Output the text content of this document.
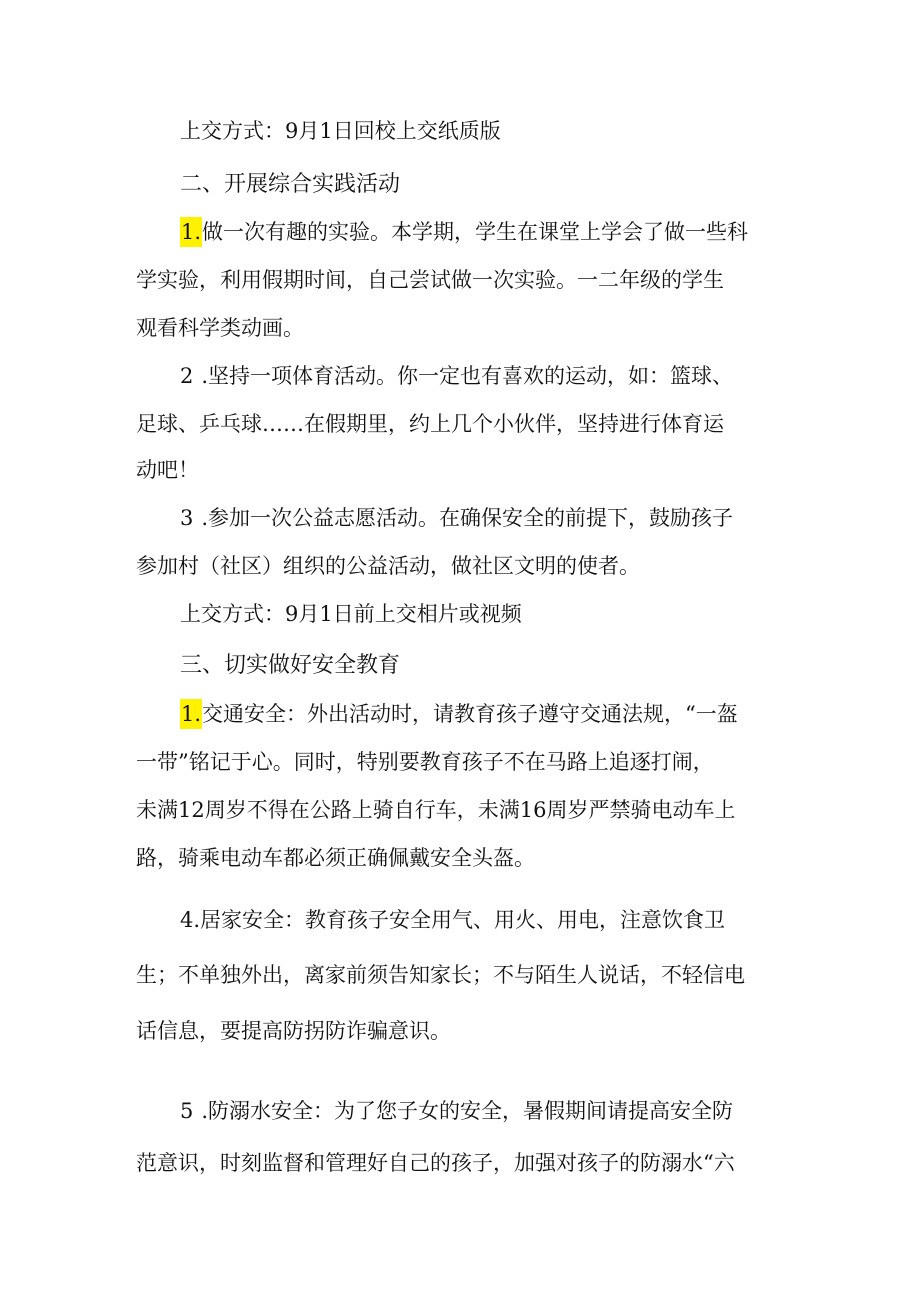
上交方式：9月1日回校上交纸质版
二、开展综合实践活动
1.做一次有趣的实验。本学期，学生在课堂上学会了做一些科
学实验，利用假期时间，自己尝试做一次实验。一二年级的学生
观看科学类动画。
2 .坚持一项体育活动。你一定也有喜欢的运动，如：篮球、
足球、乒乓球……在假期里，约上几个小伙伴，坚持进行体育运
动吧！
3 .参加一次公益志愿活动。在确保安全的前提下，鼓励孩子
参加村（社区）组织的公益活动，做社区文明的使者。
上交方式：9月1日前上交相片或视频
三、切实做好安全教育
1.交通安全：外出活动时，请教育孩子遵守交通法规，“一盔
一带”铭记于心。同时，特别要教育孩子不在马路上追逐打闹，
未满12周岁不得在公路上骑自行车，未满16周岁严禁骑电动车上
路，骑乘电动车都必须正确佩戴安全头盔。
4.居家安全：教育孩子安全用气、用火、用电，注意饮食卫
生；不单独外出，离家前须告知家长；不与陌生人说话，不轻信电
话信息，要提高防拐防诈骗意识。
5 .防溺水安全：为了您子女的安全，暑假期间请提高安全防
范意识，时刻监督和管理好自己的孩子，加强对孩子的防溺水“六
